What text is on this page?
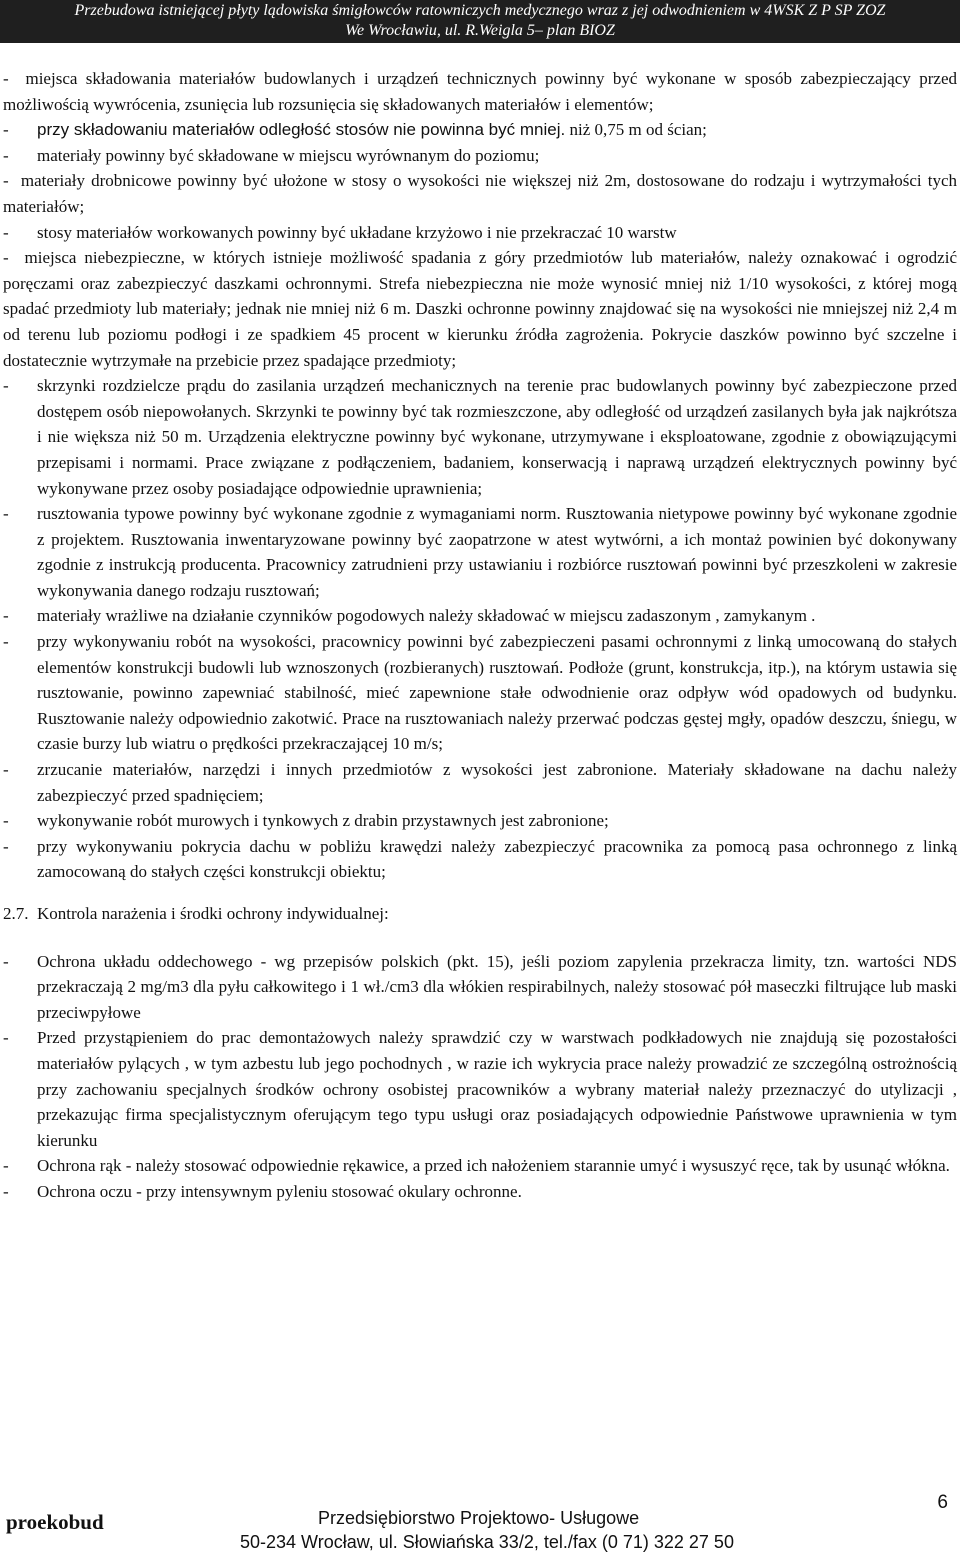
Przebudowa istniejącej płyty lądowiska śmigłowców ratowniczych medycznego wraz z jej odwodnieniem w 4WSK Z P SP ZOZ
We Wrocławiu, ul. R.Weigla 5– plan BIOZ
- miejsca składowania materiałów budowlanych i urządzeń technicznych powinny być wykonane w sposób zabezpieczający przed możliwością wywrócenia, zsunięcia lub rozsunięcia się składowanych materiałów i elementów;
-	przy składowaniu materiałów odległość stosów nie powinna być mniej. niż 0,75 m od ścian;
-	materiały powinny być składowane w miejscu wyrównanym do poziomu;
- materiały drobnicowe powinny być ułożone w stosy o wysokości nie większej niż 2m, dostosowane do rodzaju i wytrzymałości tych materiałów;
-	stosy materiałów workowanych powinny być układane krzyżowo i nie przekraczać 10 warstw
- miejsca niebezpieczne, w których istnieje możliwość spadania z góry przedmiotów lub materiałów, należy oznakować i ogrodzić poręczami oraz zabezpieczyć daszkami ochronnymi. Strefa niebezpieczna nie może wynosić mniej niż 1/10 wysokości, z której mogą spadać przedmioty lub materiały; jednak nie mniej niż 6 m. Daszki ochronne powinny znajdować się na wysokości nie mniejszej niż 2,4 m od terenu lub poziomu podłogi i ze spadkiem 45 procent w kierunku źródła zagrożenia. Pokrycie daszków powinno być szczelne i dostatecznie wytrzymałe na przebicie przez spadające przedmioty;
-	skrzynki rozdzielcze prądu do zasilania urządzeń mechanicznych na terenie prac budowlanych powinny być zabezpieczone przed dostępem osób niepowołanych. Skrzynki te powinny być tak rozmieszczone, aby odległość od urządzeń zasilanych była jak najkrótsza i nie większa niż 50 m. Urządzenia elektryczne powinny być wykonane, utrzymywane i eksploatowane, zgodnie z obowiązującymi przepisami i normami. Prace związane z podłączeniem, badaniem, konserwacją i naprawą urządzeń elektrycznych powinny być wykonywane przez osoby posiadające odpowiednie uprawnienia;
-	rusztowania typowe powinny być wykonane zgodnie z wymaganiami norm. Rusztowania nietypowe powinny być wykonane zgodnie z projektem. Rusztowania inwentaryzowane powinny być zaopatrzone w atest wytwórni, a ich montaż powinien być dokonywany zgodnie z instrukcją producenta. Pracownicy zatrudnieni przy ustawianiu i rozbiórce rusztowań powinni być przeszkoleni w zakresie wykonywania danego rodzaju rusztowań;
-	materiały wrażliwe na działanie czynników pogodowych należy składować w miejscu zadaszonym , zamykanym .
-	przy wykonywaniu robót na wysokości, pracownicy powinni być zabezpieczeni pasami ochronnymi z linką umocowaną do stałych elementów konstrukcji budowli lub wznoszonych (rozbieranych) rusztowań. Podłoże (grunt, konstrukcja, itp.), na którym ustawia się rusztowanie, powinno zapewniać stabilność, mieć zapewnione stałe odwodnienie oraz odpływ wód opadowych od budynku. Rusztowanie należy odpowiednio zakotwić. Prace na rusztowaniach należy przerwać podczas gęstej mgły, opadów deszczu, śniegu, w czasie burzy lub wiatru o prędkości przekraczającej 10 m/s;
-	zrzucanie materiałów, narzędzi i innych przedmiotów z wysokości jest zabronione. Materiały składowane na dachu należy zabezpieczyć przed spadnięciem;
-	wykonywanie robót murowych i tynkowych z drabin przystawnych jest zabronione;
-	przy wykonywaniu pokrycia dachu w pobliżu krawędzi należy zabezpieczyć pracownika za pomocą pasa ochronnego z linką zamocowaną do stałych części konstrukcji obiektu;
2.7. Kontrola narażenia i środki ochrony indywidualnej:
-	Ochrona układu oddechowego - wg przepisów polskich (pkt. 15), jeśli poziom zapylenia przekracza limity, tzn. wartości NDS przekraczają 2 mg/m3 dla pyłu całkowitego i 1 wł./cm3 dla włókien respirabilnych, należy stosować pół maseczki filtrujące lub maski przeciwpyłowe
-	Przed przystąpieniem do prac demontażowych należy sprawdzić czy w warstwach podkładowych nie znajdują się pozostałości materiałów pylących , w tym azbestu lub jego pochodnych , w razie ich wykrycia prace należy prowadzić ze szczególną ostrożnością przy zachowaniu specjalnych środków ochrony osobistej pracowników a wybrany materiał należy przeznaczyć do utylizacji , przekazując firma specjalistycznym oferującym tego typu usługi oraz posiadających odpowiednie Państwowe uprawnienia w tym kierunku
-	Ochrona rąk - należy stosować odpowiednie rękawice, a przed ich nałożeniem starannie umyć i wysuszyć ręce, tak by usunąć włókna.
-	Ochrona oczu - przy intensywnym pyleniu stosować okulary ochronne.
proekobud	Przedsiębiorstwo Projektowo- Usługowe
50-234 Wrocław, ul. Słowiańska 33/2, tel./fax (0 71) 322 27 50
6
